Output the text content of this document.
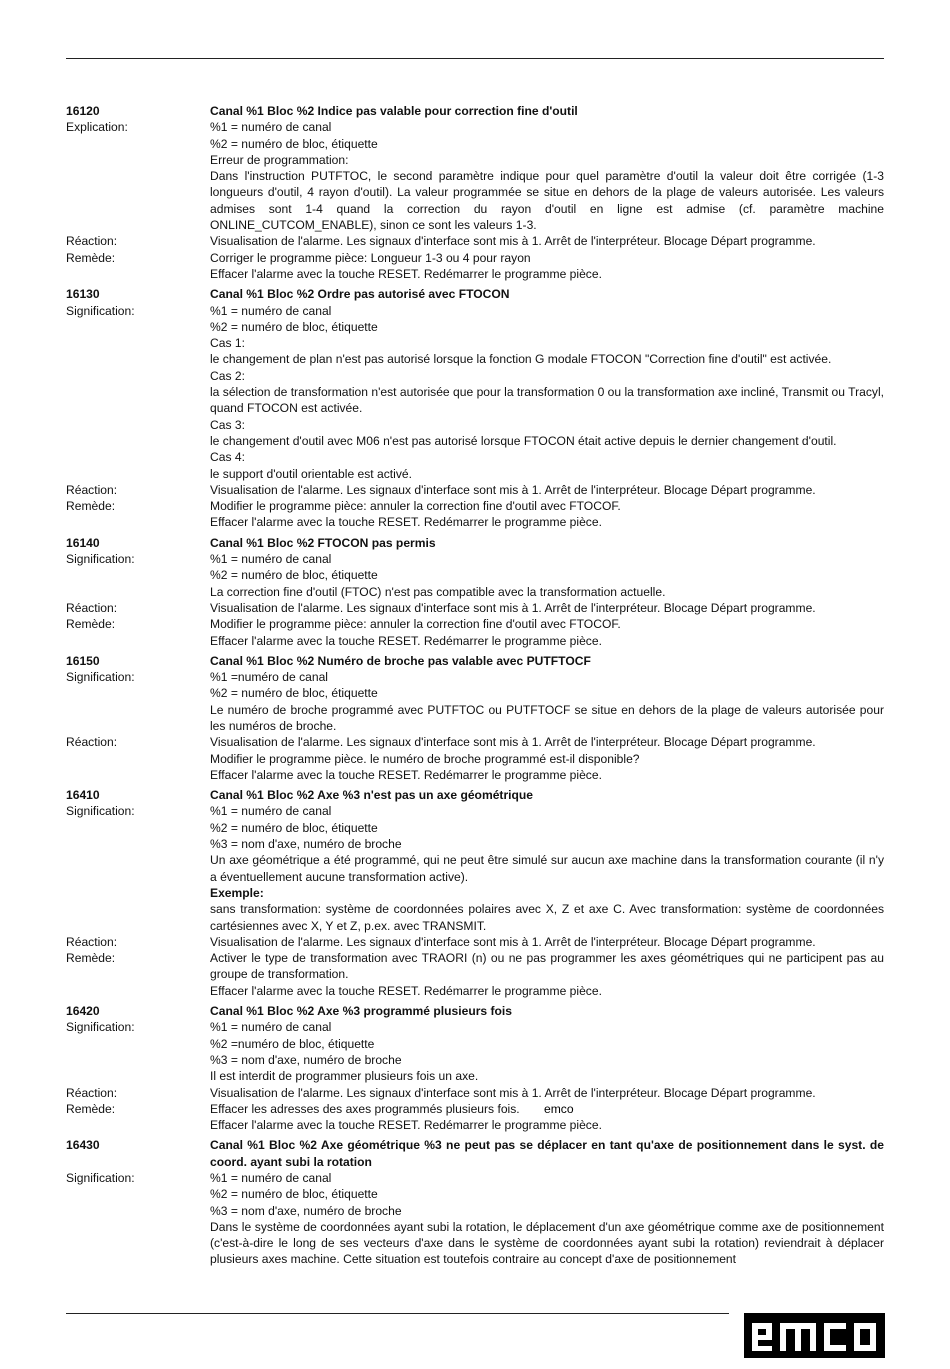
16120	Canal %1 Bloc %2 Indice pas valable pour correction fine d'outil
Explication:	%1 = numéro de canal
%2 = numéro de bloc, étiquette
Erreur de programmation:
Dans l'instruction PUTFTOC, le second paramètre indique pour quel paramètre d'outil la valeur doit être corrigée (1-3 longueurs d'outil, 4 rayon d'outil). La valeur programmée se situe en dehors de la plage de valeurs autorisée. Les valeurs admises sont 1-4 quand la correction du rayon d'outil en ligne est admise (cf. paramètre machine ONLINE_CUTCOM_ENABLE), sinon ce sont les valeurs 1-3.
Réaction:	Visualisation de l'alarme. Les signaux d'interface sont mis à 1. Arrêt de l'interpréteur. Blocage Départ programme.
Remède:	Corriger le programme pièce: Longueur 1-3 ou 4 pour rayon
Effacer l'alarme avec la touche RESET. Redémarrer le programme pièce.
16130	Canal %1 Bloc %2 Ordre pas autorisé avec FTOCON
Signification:	%1 = numéro de canal
%2 = numéro de bloc, étiquette
Cas 1:
le changement de plan n'est pas autorisé lorsque la fonction G modale FTOCON "Correction fine d'outil" est activée.
Cas 2:
la sélection de transformation n'est autorisée que pour la transformation 0 ou la transformation axe incliné, Transmit ou Tracyl, quand FTOCON est activée.
Cas 3:
le changement d'outil avec M06 n'est pas autorisé lorsque FTOCON était active depuis le dernier changement d'outil.
Cas 4:
le support d'outil orientable est activé.
Réaction:	Visualisation de l'alarme. Les signaux d'interface sont mis à 1. Arrêt de l'interpréteur. Blocage Départ programme.
Remède:	Modifier le programme pièce: annuler la correction fine d'outil avec FTOCOF.
Effacer l'alarme avec la touche RESET. Redémarrer le programme pièce.
16140	Canal %1 Bloc %2 FTOCON pas permis
Signification:	%1 = numéro de canal
%2 = numéro de bloc, étiquette
La correction fine d'outil (FTOC) n'est pas compatible avec la transformation actuelle.
Réaction:	Visualisation de l'alarme. Les signaux d'interface sont mis à 1. Arrêt de l'interpréteur. Blocage Départ programme.
Remède:	Modifier le programme pièce: annuler la correction fine d'outil avec FTOCOF.
Effacer l'alarme avec la touche RESET. Redémarrer le programme pièce.
16150	Canal %1 Bloc %2 Numéro de broche pas valable avec PUTFTOCF
Signification:	%1 =numéro de canal
%2 = numéro de bloc, étiquette
Le numéro de broche programmé avec PUTFTOC ou PUTFTOCF se situe en dehors de la plage de valeurs autorisée pour les numéros de broche.
Réaction:	Visualisation de l'alarme. Les signaux d'interface sont mis à 1. Arrêt de l'interpréteur. Blocage Départ programme.
Modifier le programme pièce. le numéro de broche programmé est-il disponible?
Effacer l'alarme avec la touche RESET. Redémarrer le programme pièce.
16410	Canal %1 Bloc %2 Axe %3 n'est pas un axe géométrique
Signification:	%1 = numéro de canal
%2 = numéro de bloc, étiquette
%3 = nom d'axe, numéro de broche
Un axe géométrique a été programmé, qui ne peut être simulé sur aucun axe machine dans la transformation courante (il n'y a éventuellement aucune transformation active).
Exemple:
sans transformation: système de coordonnées polaires avec X, Z et axe C. Avec transformation: système de coordonnées cartésiennes avec X, Y et Z, p.ex. avec TRANSMIT.
Réaction:	Visualisation de l'alarme. Les signaux d'interface sont mis à 1. Arrêt de l'interpréteur. Blocage Départ programme.
Remède:	Activer le type de transformation avec TRAORI (n) ou ne pas programmer les axes géométriques qui ne participent pas au groupe de transformation.
Effacer l'alarme avec la touche RESET. Redémarrer le programme pièce.
16420	Canal %1 Bloc %2 Axe %3 programmé plusieurs fois
Signification:	%1 = numéro de canal
%2 =numéro de bloc, étiquette
%3 = nom d'axe, numéro de broche
Il est interdit de programmer plusieurs fois un axe.
Réaction:	Visualisation de l'alarme. Les signaux d'interface sont mis à 1. Arrêt de l'interpréteur. Blocage Départ programme.
Remède:	Effacer les adresses des axes programmés plusieurs fois.
Effacer l'alarme avec la touche RESET. Redémarrer le programme pièce.
16430	Canal %1 Bloc %2 Axe géométrique %3 ne peut pas se déplacer en tant qu'axe de positionnement dans le syst. de coord. ayant subi la rotation
Signification:	%1 = numéro de canal
%2 = numéro de bloc, étiquette
%3 = nom d'axe, numéro de broche
Dans le système de coordonnées ayant subi la rotation, le déplacement d'un axe géométrique comme axe de positionnement (c'est-à-dire le long de ses vecteurs d'axe dans le système de coordonnées ayant subi la rotation) reviendrait à déplacer plusieurs axes machine. Cette situation est toutefois contraire au concept d'axe de positionnement
emco
